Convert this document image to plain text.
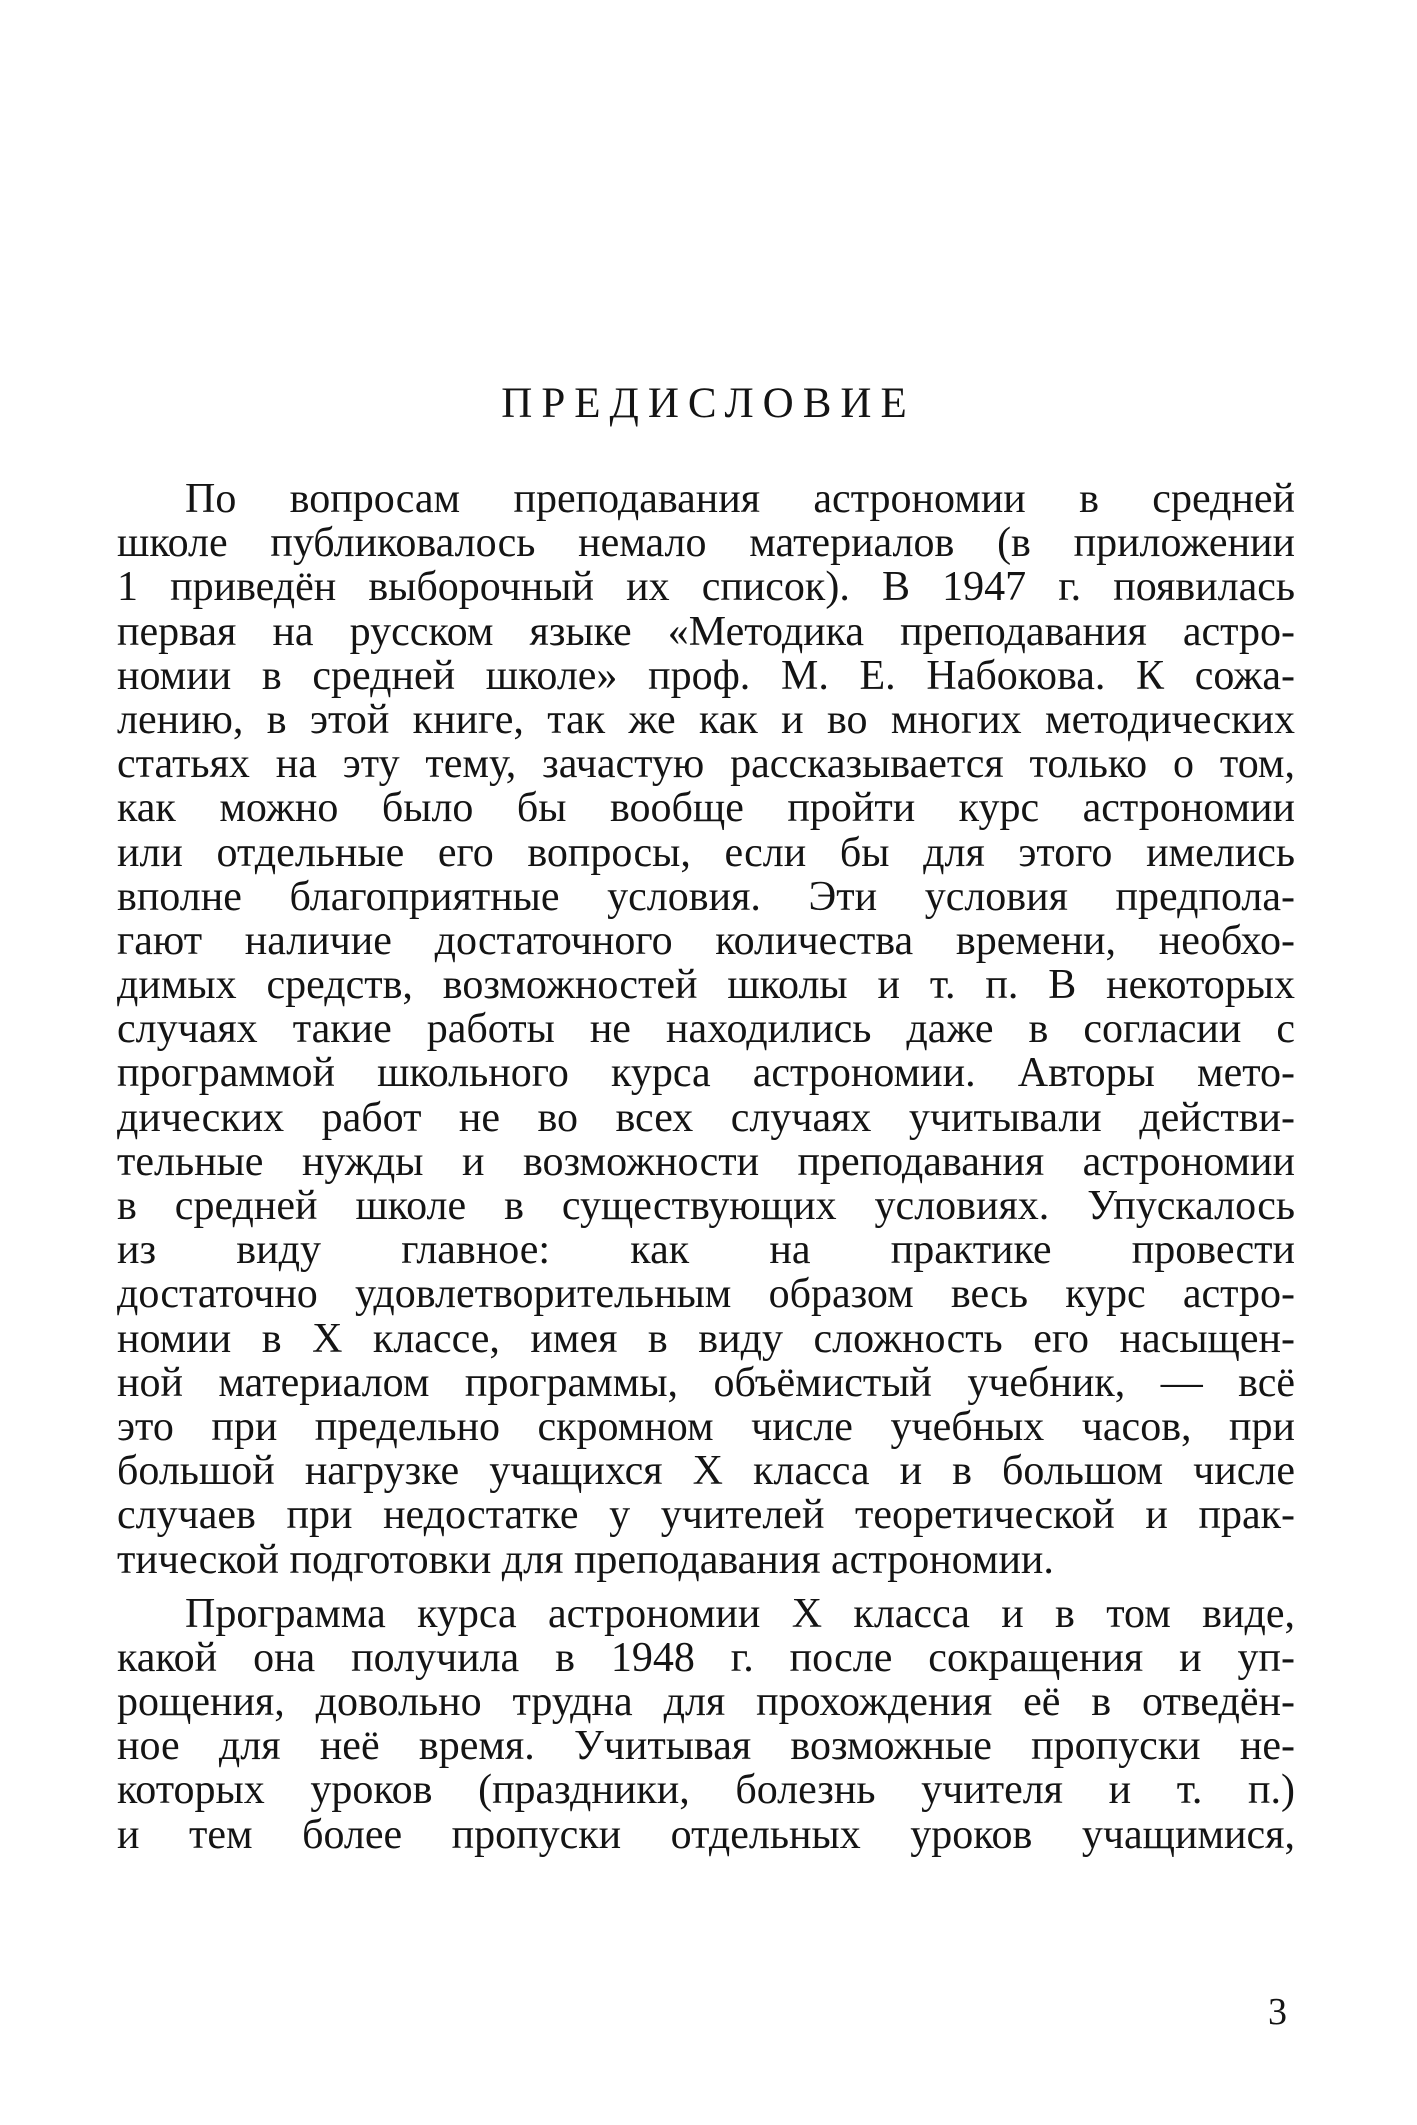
ПРЕДИСЛОВИЕ
По вопросам преподавания астрономии в средней
школе публиковалось немало материалов (в приложении
1 приведён выборочный их список). В 1947 г. появилась
первая на русском языке «Методика преподавания астро-
номии в средней школе» проф. М. Е. Набокова. К сожа-
лению, в этой книге, так же как и во многих методических
статьях на эту тему, зачастую рассказывается только о том,
как можно было бы вообще пройти курс астрономии
или отдельные его вопросы, если бы для этого имелись
вполне благоприятные условия. Эти условия предпола-
гают наличие достаточного количества времени, необхо-
димых средств, возможностей школы и т. п. В некоторых
случаях такие работы не находились даже в согласии с
программой школьного курса астрономии. Авторы мето-
дических работ не во всех случаях учитывали действи-
тельные нужды и возможности преподавания астрономии
в средней школе в существующих условиях. Упускалось
из виду главное: как на практике провести
достаточно удовлетворительным образом весь курс астро-
номии в X классе, имея в виду сложность его насыщен-
ной материалом программы, объёмистый учебник, — всё
это при предельно скромном числе учебных часов, при
большой нагрузке учащихся X класса и в большом числе
случаев при недостатке у учителей теоретической и прак-
тической подготовки для преподавания астрономии.
Программа курса астрономии X класса и в том виде,
какой она получила в 1948 г. после сокращения и уп-
рощения, довольно трудна для прохождения её в отведён-
ное для неё время. Учитывая возможные пропуски не-
которых уроков (праздники, болезнь учителя и т. п.)
и тем более пропуски отдельных уроков учащимися,
3
